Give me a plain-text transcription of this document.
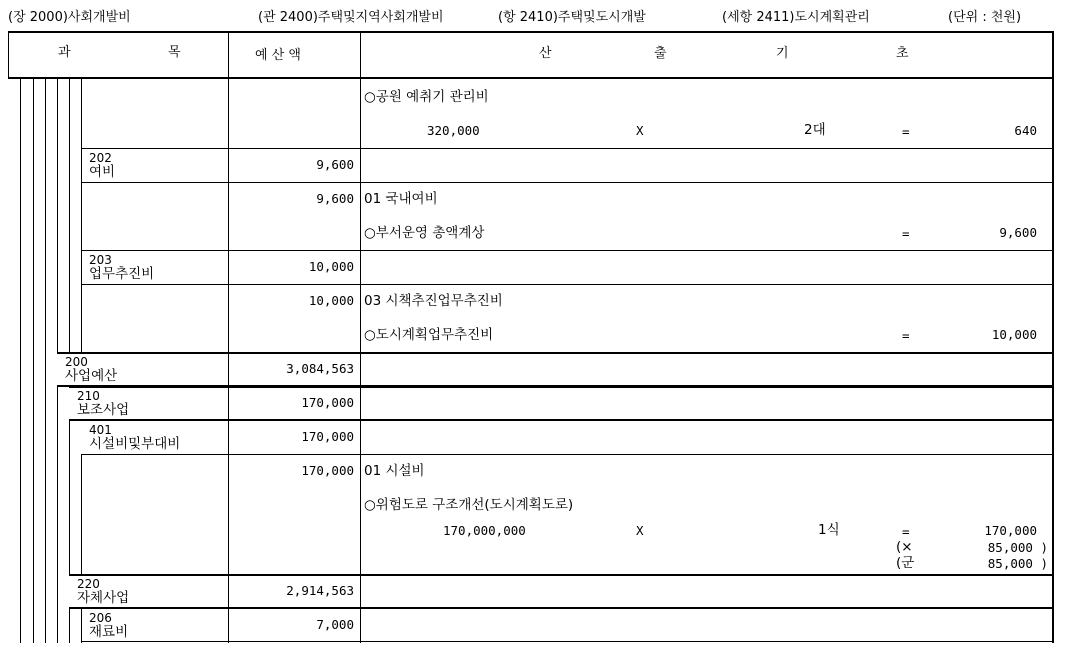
(장 2000)사회개발비	(관 2400)주택및지역사회개발비	(항 2410)주택및도시개발	(세항 2411)도시계획관리	(단위 : 천원)
과	목	예 산 액	산	출	기	초
○공원 예취기 관리비
320,000	X	2대	=	640
202
여비	9,600
9,600 01 국내여비
○부서운영 총액계상	=	9,600
203
업무추진비	10,000
10,000 03 시책추진업무추진비
○도시계획업무추진비	=	10,000
200
사업예산	3,084,563
210
보조사업	170,000
401
시설비및부대비	170,000
170,000 01 시설비
○위험도로 구조개선(도시계획도로)
170,000,000	X	1식	=	170,000
(×	85,000 )
(군	85,000 )
220
자체사업	2,914,563
206
재료비	7,000
